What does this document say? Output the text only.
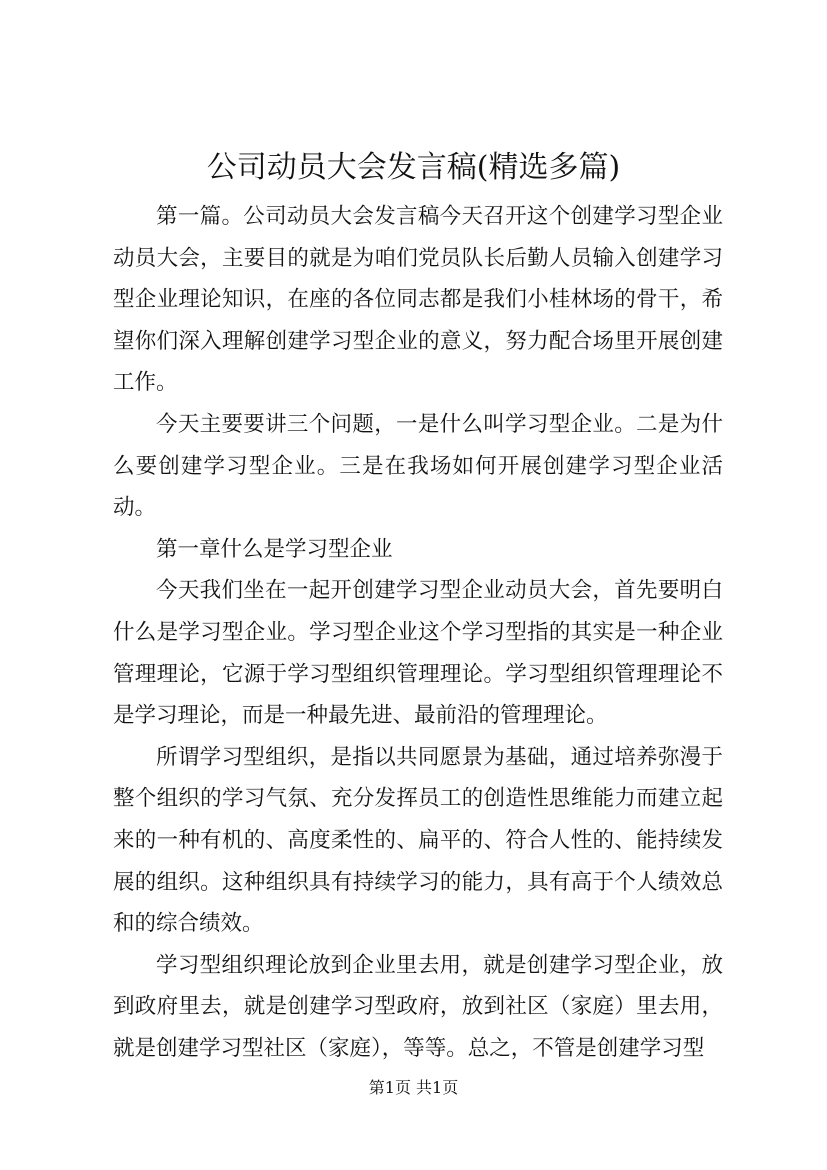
公司动员大会发言稿(精选多篇)

第一篇。公司动员大会发言稿今天召开这个创建学习型企业动员大会，主要目的就是为咱们党员队长后勤人员输入创建学习型企业理论知识，在座的各位同志都是我们小桂林场的骨干，希望你们深入理解创建学习型企业的意义，努力配合场里开展创建工作。

今天主要要讲三个问题，一是什么叫学习型企业。二是为什么要创建学习型企业。三是在我场如何开展创建学习型企业活动。

第一章什么是学习型企业

今天我们坐在一起开创建学习型企业动员大会，首先要明白什么是学习型企业。学习型企业这个学习型指的其实是一种企业管理理论，它源于学习型组织管理理论。学习型组织管理理论不是学习理论，而是一种最先进、最前沿的管理理论。

所谓学习型组织，是指以共同愿景为基础，通过培养弥漫于整个组织的学习气氛、充分发挥员工的创造性思维能力而建立起来的一种有机的、高度柔性的、扁平的、符合人性的、能持续发展的组织。这种组织具有持续学习的能力，具有高于个人绩效总和的综合绩效。

学习型组织理论放到企业里去用，就是创建学习型企业，放到政府里去，就是创建学习型政府，放到社区（家庭）里去用，就是创建学习型社区（家庭），等等。总之，不管是创建学习型

第1页 共1页
